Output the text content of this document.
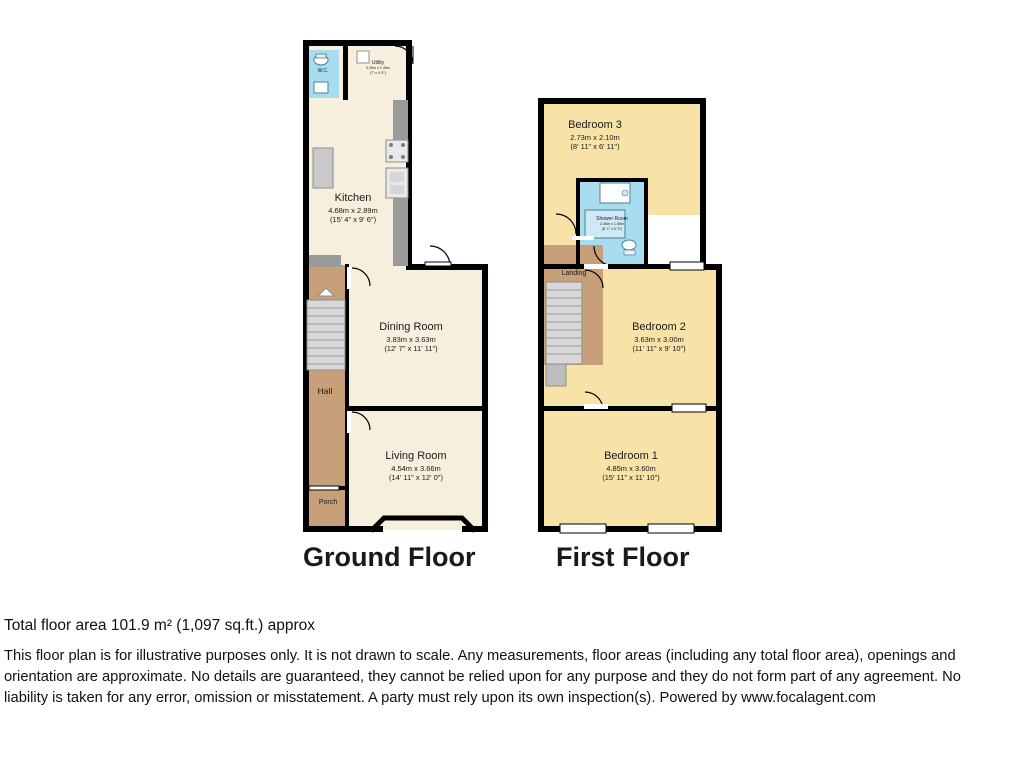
W.C.
Utility
3.30m x 1.46m
(7' x 4' 9")
Kitchen
4.68m x 2.89m
(15' 4" x 9' 6")
Dining Room
3.83m x 3.63m
(12' 7" x 11' 11")
Hall
Living Room
4.54m x 3.66m
(14' 11" x 12' 0")
Porch
Bedroom 3
2.73m x 2.10m
(8' 11" x 6' 11")
Shower Room
2.46m x 1.65m
(8' 1" x 5' 5")
Landing
Bedroom 2
3.63m x 3.00m
(11' 11" x 9' 10")
Bedroom 1
4.85m x 3.60m
(15' 11" x 11' 10")
Ground Floor	First Floor
Total floor area 101.9 m² (1,097 sq.ft.) approx
This floor plan is for illustrative purposes only. It is not drawn to scale. Any measurements, floor areas (including any total floor area), openings and orientation are approximate. No details are guaranteed, they cannot be relied upon for any purpose and they do not form part of any agreement. No liability is taken for any error, omission or misstatement. A party must rely upon its own inspection(s). Powered by www.focalagent.com
